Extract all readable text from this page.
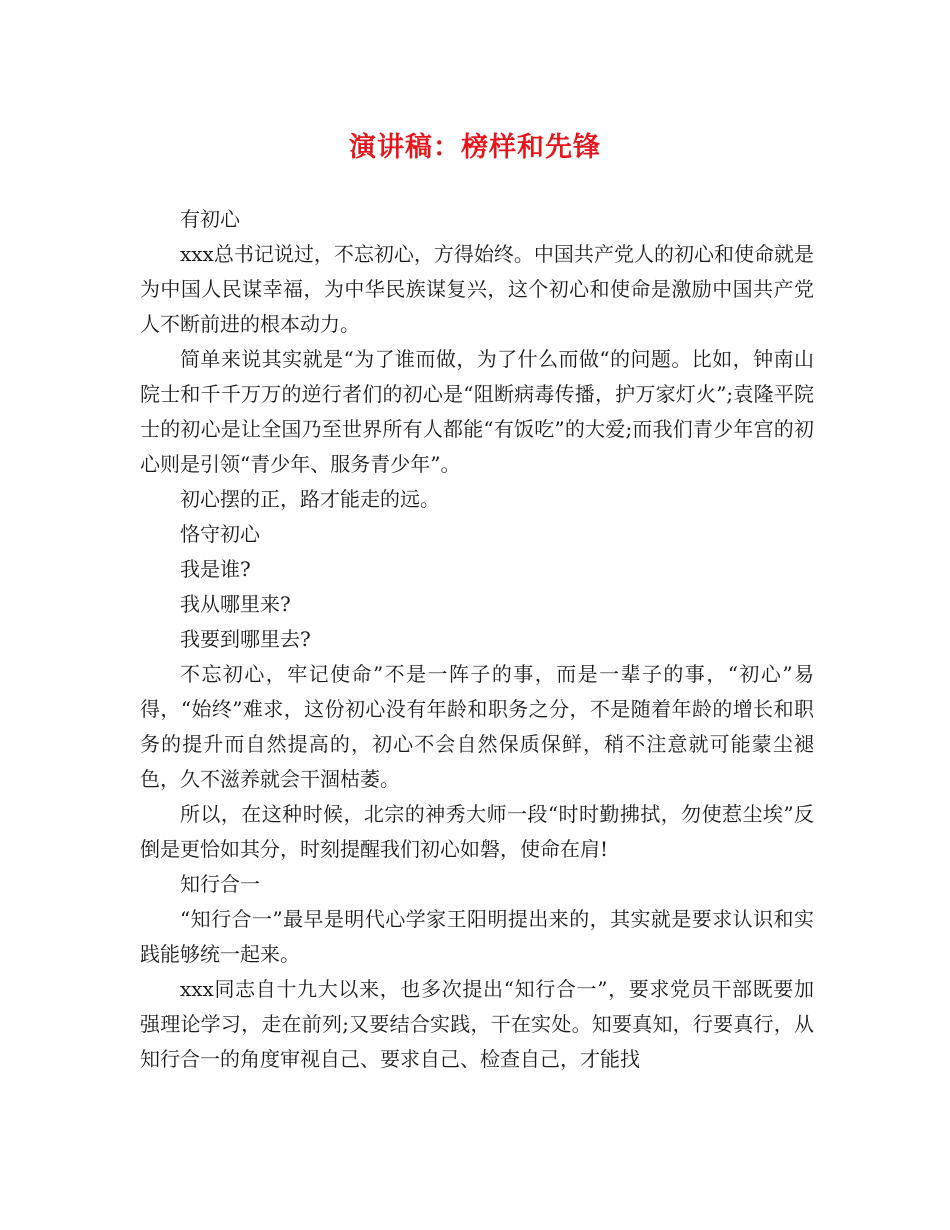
演讲稿：榜样和先锋

有初心

xxx总书记说过，不忘初心，方得始终。中国共产党人的初心和使命就是为中国人民谋幸福，为中华民族谋复兴，这个初心和使命是激励中国共产党人不断前进的根本动力。

简单来说其实就是“为了谁而做，为了什么而做“的问题。比如，钟南山院士和千千万万的逆行者们的初心是“阻断病毒传播，护万家灯火”;袁隆平院士的初心是让全国乃至世界所有人都能“有饭吃”的大爱;而我们青少年宫的初心则是引领“青少年、服务青少年”。

初心摆的正，路才能走的远。

恪守初心

我是谁?

我从哪里来?

我要到哪里去?

不忘初心，牢记使命”不是一阵子的事，而是一辈子的事，“初心”易得，“始终”难求，这份初心没有年龄和职务之分，不是随着年龄的增长和职务的提升而自然提高的，初心不会自然保质保鲜，稍不注意就可能蒙尘褪色，久不滋养就会干涸枯萎。

所以，在这种时候，北宗的神秀大师一段“时时勤拂拭，勿使惹尘埃”反倒是更恰如其分，时刻提醒我们初心如磐，使命在肩!

知行合一

“知行合一”最早是明代心学家王阳明提出来的，其实就是要求认识和实践能够统一起来。

xxx同志自十九大以来，也多次提出“知行合一”，要求党员干部既要加强理论学习，走在前列;又要结合实践，干在实处。知要真知，行要真行，从知行合一的角度审视自己、要求自己、检查自己，才能找
